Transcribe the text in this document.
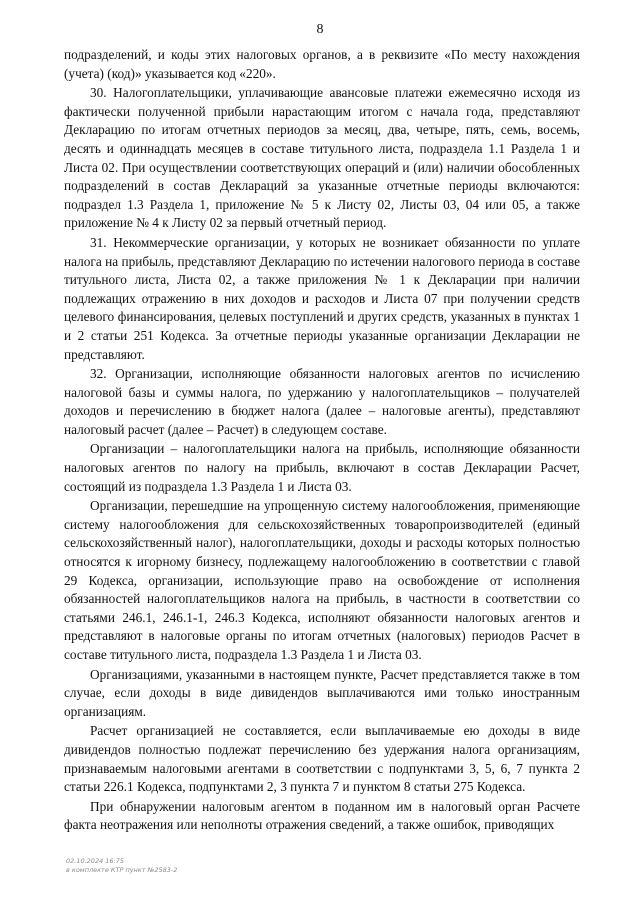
8

подразделений, и коды этих налоговых органов, а в реквизите «По месту нахождения (учета) (код)» указывается код «220».

30. Налогоплательщики, уплачивающие авансовые платежи ежемесячно исходя из фактически полученной прибыли нарастающим итогом с начала года, представляют Декларацию по итогам отчетных периодов за месяц, два, четыре, пять, семь, восемь, десять и одиннадцать месяцев в составе титульного листа, подраздела 1.1 Раздела 1 и Листа 02. При осуществлении соответствующих операций и (или) наличии обособленных подразделений в состав Деклараций за указанные отчетные периоды включаются: подраздел 1.3 Раздела 1, приложение № 5 к Листу 02, Листы 03, 04 или 05, а также приложение № 4 к Листу 02 за первый отчетный период.

31. Некоммерческие организации, у которых не возникает обязанности по уплате налога на прибыль, представляют Декларацию по истечении налогового периода в составе титульного листа, Листа 02, а также приложения № 1 к Декларации при наличии подлежащих отражению в них доходов и расходов и Листа 07 при получении средств целевого финансирования, целевых поступлений и других средств, указанных в пунктах 1 и 2 статьи 251 Кодекса. За отчетные периоды указанные организации Декларации не представляют.

32. Организации, исполняющие обязанности налоговых агентов по исчислению налоговой базы и суммы налога, по удержанию у налогоплательщиков – получателей доходов и перечислению в бюджет налога (далее – налоговые агенты), представляют налоговый расчет (далее – Расчет) в следующем составе.

Организации – налогоплательщики налога на прибыль, исполняющие обязанности налоговых агентов по налогу на прибыль, включают в состав Декларации Расчет, состоящий из подраздела 1.3 Раздела 1 и Листа 03.

Организации, перешедшие на упрощенную систему налогообложения, применяющие систему налогообложения для сельскохозяйственных товаропроизводителей (единый сельскохозяйственный налог), налогоплательщики, доходы и расходы которых полностью относятся к игорному бизнесу, подлежащему налогообложению в соответствии с главой 29 Кодекса, организации, использующие право на освобождение от исполнения обязанностей налогоплательщиков налога на прибыль, в частности в соответствии со статьями 246.1, 246.1-1, 246.3 Кодекса, исполняют обязанности налоговых агентов и представляют в налоговые органы по итогам отчетных (налоговых) периодов Расчет в составе титульного листа, подраздела 1.3 Раздела 1 и Листа 03.

Организациями, указанными в настоящем пункте, Расчет представляется также в том случае, если доходы в виде дивидендов выплачиваются ими только иностранным организациям.

Расчет организацией не составляется, если выплачиваемые ею доходы в виде дивидендов полностью подлежат перечислению без удержания налога организациям, признаваемым налоговыми агентами в соответствии с подпунктами 3, 5, 6, 7 пункта 2 статьи 226.1 Кодекса, подпунктами 2, 3 пункта 7 и пунктом 8 статьи 275 Кодекса.

При обнаружении налоговым агентом в поданном им в налоговый орган Расчете факта неотражения или неполноты отражения сведений, а также ошибок, приводящих

02.10.2024 16:75
в комплекте КТР пункт №2583-2
